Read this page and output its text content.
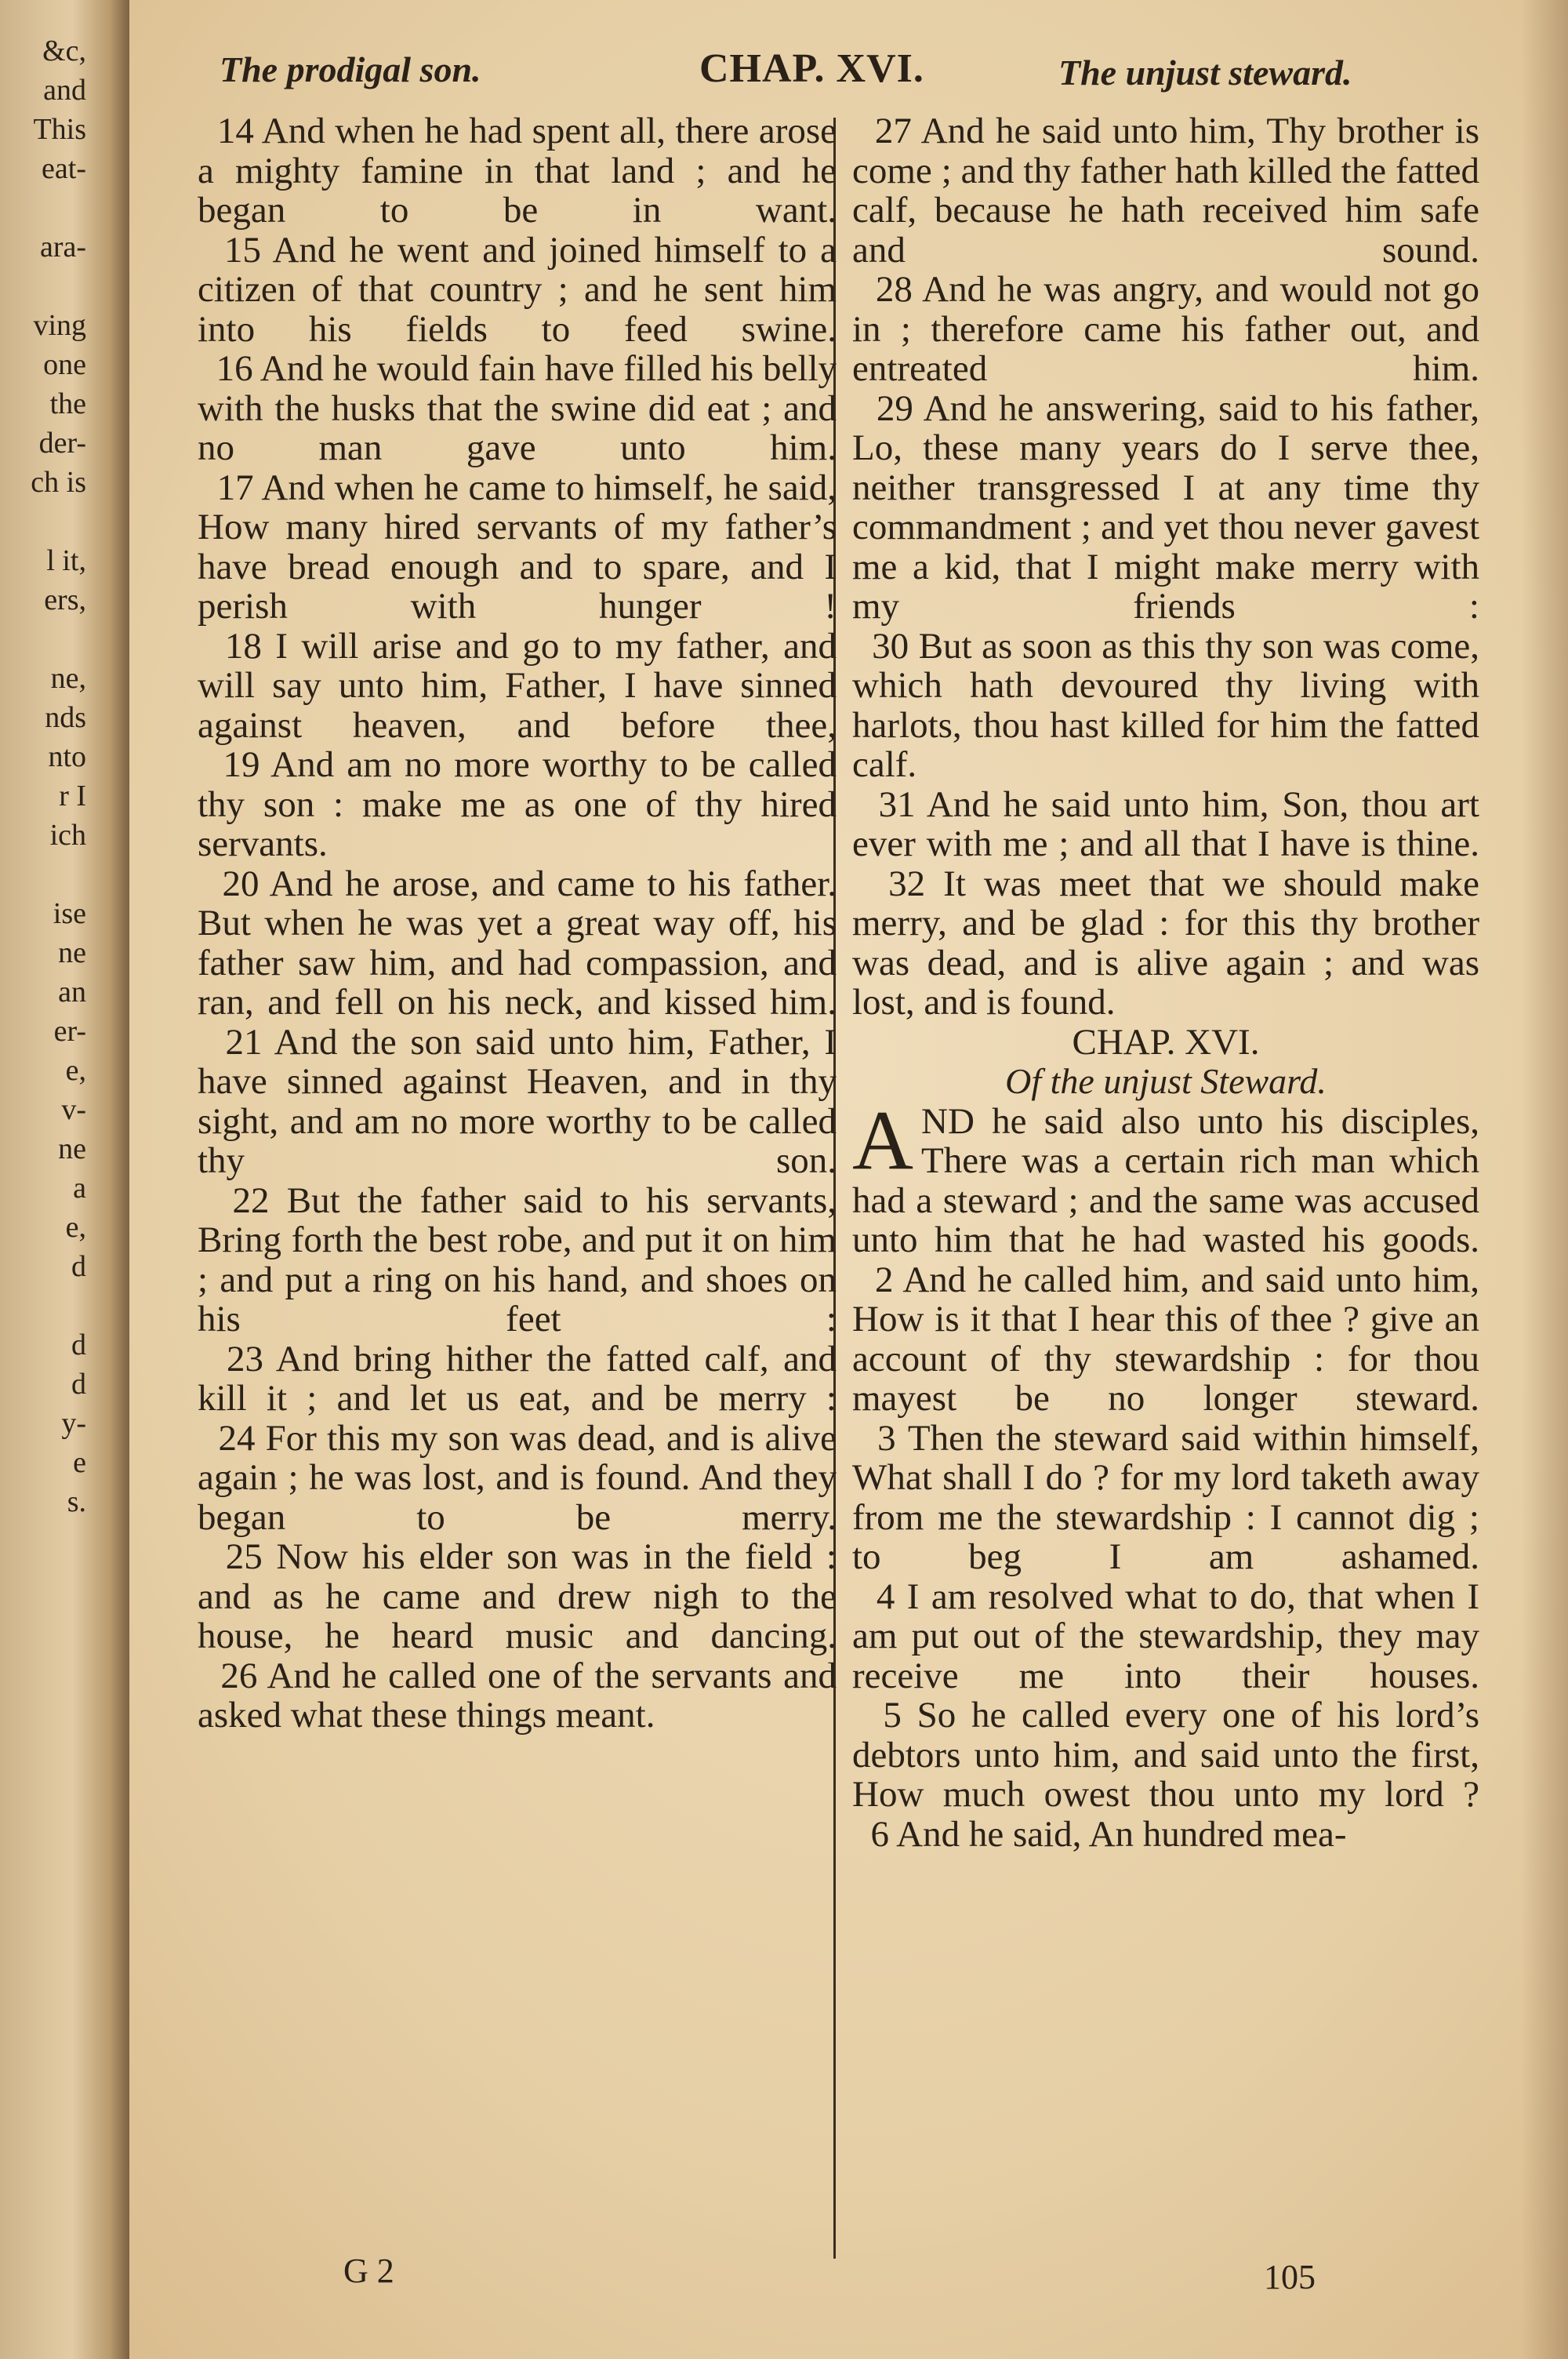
&c,
and
This
eat-
ara-
ving
one
the
der-
ch is
l it,
ers,
ne,
nds
nto
r I
ich
ise
ne
an
er-
e,
v-
ne
a
e,
d
d
d
y-
e
s.
The prodigal son.	CHAP. XVI.	The unjust steward.

14 And when he had spent all, there arose a mighty famine in that land ; and he began to be in want.

15 And he went and joined himself to a citizen of that country ; and he sent him into his fields to feed swine.

16 And he would fain have filled his belly with the husks that the swine did eat ; and no man gave unto him.

17 And when he came to himself, he said, How many hired servants of my father’s have bread enough and to spare, and I perish with hunger !

18 I will arise and go to my father, and will say unto him, Father, I have sinned against heaven, and before thee,

19 And am no more worthy to be called thy son : make me as one of thy hired servants.

20 And he arose, and came to his father. But when he was yet a great way off, his father saw him, and had compassion, and ran, and fell on his neck, and kissed him.

21 And the son said unto him, Father, I have sinned against Heaven, and in thy sight, and am no more worthy to be called thy son.

22 But the father said to his servants, Bring forth the best robe, and put it on him ; and put a ring on his hand, and shoes on his feet :

23 And bring hither the fatted calf, and kill it ; and let us eat, and be merry :

24 For this my son was dead, and is alive again ; he was lost, and is found. And they began to be merry.

25 Now his elder son was in the field : and as he came and drew nigh to the house, he heard music and dancing.

26 And he called one of the servants and asked what these things meant.

27 And he said unto him, Thy brother is come ; and thy father hath killed the fatted calf, because he hath received him safe and sound.

28 And he was angry, and would not go in ; therefore came his father out, and entreated him.

29 And he answering, said to his father, Lo, these many years do I serve thee, neither transgressed I at any time thy commandment ; and yet thou never gavest me a kid, that I might make merry with my friends :

30 But as soon as this thy son was come, which hath devoured thy living with harlots, thou hast killed for him the fatted calf.

31 And he said unto him, Son, thou art ever with me ; and all that I have is thine.

32 It was meet that we should make merry, and be glad : for this thy brother was dead, and is alive again ; and was lost, and is found.

CHAP. XVI.
Of the unjust Steward.

AND he said also unto his disciples, There was a certain rich man which had a steward ; and the same was accused unto him that he had wasted his goods.

2 And he called him, and said unto him, How is it that I hear this of thee ? give an account of thy stewardship : for thou mayest be no longer steward.

3 Then the steward said within himself, What shall I do ? for my lord taketh away from me the stewardship : I cannot dig ; to beg I am ashamed.

4 I am resolved what to do, that when I am put out of the stewardship, they may receive me into their houses.

5 So he called every one of his lord’s debtors unto him, and said unto the first, How much owest thou unto my lord ?

6 And he said, An hundred mea-

G 2	105
